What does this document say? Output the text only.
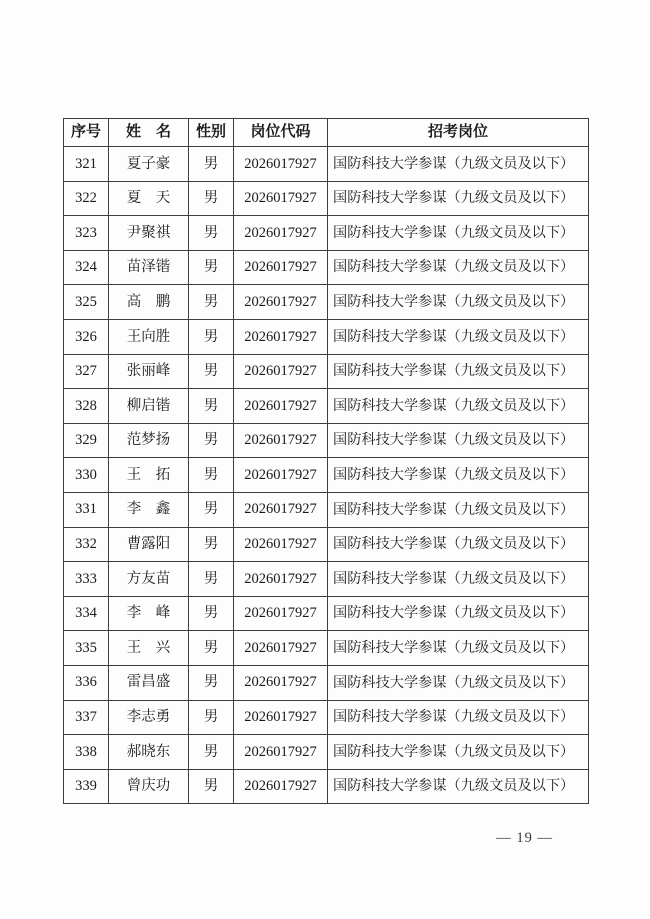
序号	姓　名	性别	岗位代码	招考岗位
321	夏子豪	男	2026017927	国防科技大学参谋（九级文员及以下）
322	夏　天	男	2026017927	国防科技大学参谋（九级文员及以下）
323	尹聚祺	男	2026017927	国防科技大学参谋（九级文员及以下）
324	苗泽锴	男	2026017927	国防科技大学参谋（九级文员及以下）
325	高　鹏	男	2026017927	国防科技大学参谋（九级文员及以下）
326	王向胜	男	2026017927	国防科技大学参谋（九级文员及以下）
327	张丽峰	男	2026017927	国防科技大学参谋（九级文员及以下）
328	柳启锴	男	2026017927	国防科技大学参谋（九级文员及以下）
329	范梦扬	男	2026017927	国防科技大学参谋（九级文员及以下）
330	王　拓	男	2026017927	国防科技大学参谋（九级文员及以下）
331	李　鑫	男	2026017927	国防科技大学参谋（九级文员及以下）
332	曹露阳	男	2026017927	国防科技大学参谋（九级文员及以下）
333	方友苗	男	2026017927	国防科技大学参谋（九级文员及以下）
334	李　峰	男	2026017927	国防科技大学参谋（九级文员及以下）
335	王　兴	男	2026017927	国防科技大学参谋（九级文员及以下）
336	雷昌盛	男	2026017927	国防科技大学参谋（九级文员及以下）
337	李志勇	男	2026017927	国防科技大学参谋（九级文员及以下）
338	郝晓东	男	2026017927	国防科技大学参谋（九级文员及以下）
339	曾庆功	男	2026017927	国防科技大学参谋（九级文员及以下）
— 19 —
